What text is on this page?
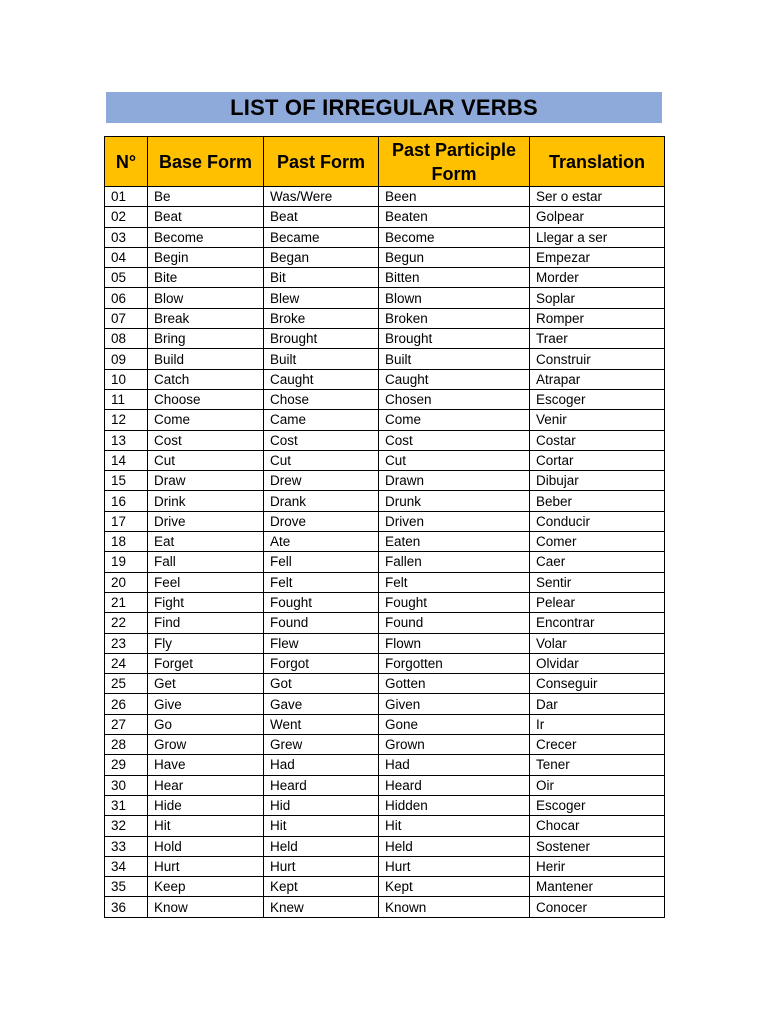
LIST OF IRREGULAR VERBS
N°	Base Form	Past Form	Past Participle Form	Translation
01	Be	Was/Were	Been	Ser o estar
02	Beat	Beat	Beaten	Golpear
03	Become	Became	Become	Llegar a ser
04	Begin	Began	Begun	Empezar
05	Bite	Bit	Bitten	Morder
06	Blow	Blew	Blown	Soplar
07	Break	Broke	Broken	Romper
08	Bring	Brought	Brought	Traer
09	Build	Built	Built	Construir
10	Catch	Caught	Caught	Atrapar
11	Choose	Chose	Chosen	Escoger
12	Come	Came	Come	Venir
13	Cost	Cost	Cost	Costar
14	Cut	Cut	Cut	Cortar
15	Draw	Drew	Drawn	Dibujar
16	Drink	Drank	Drunk	Beber
17	Drive	Drove	Driven	Conducir
18	Eat	Ate	Eaten	Comer
19	Fall	Fell	Fallen	Caer
20	Feel	Felt	Felt	Sentir
21	Fight	Fought	Fought	Pelear
22	Find	Found	Found	Encontrar
23	Fly	Flew	Flown	Volar
24	Forget	Forgot	Forgotten	Olvidar
25	Get	Got	Gotten	Conseguir
26	Give	Gave	Given	Dar
27	Go	Went	Gone	Ir
28	Grow	Grew	Grown	Crecer
29	Have	Had	Had	Tener
30	Hear	Heard	Heard	Oir
31	Hide	Hid	Hidden	Escoger
32	Hit	Hit	Hit	Chocar
33	Hold	Held	Held	Sostener
34	Hurt	Hurt	Hurt	Herir
35	Keep	Kept	Kept	Mantener
36	Know	Knew	Known	Conocer
